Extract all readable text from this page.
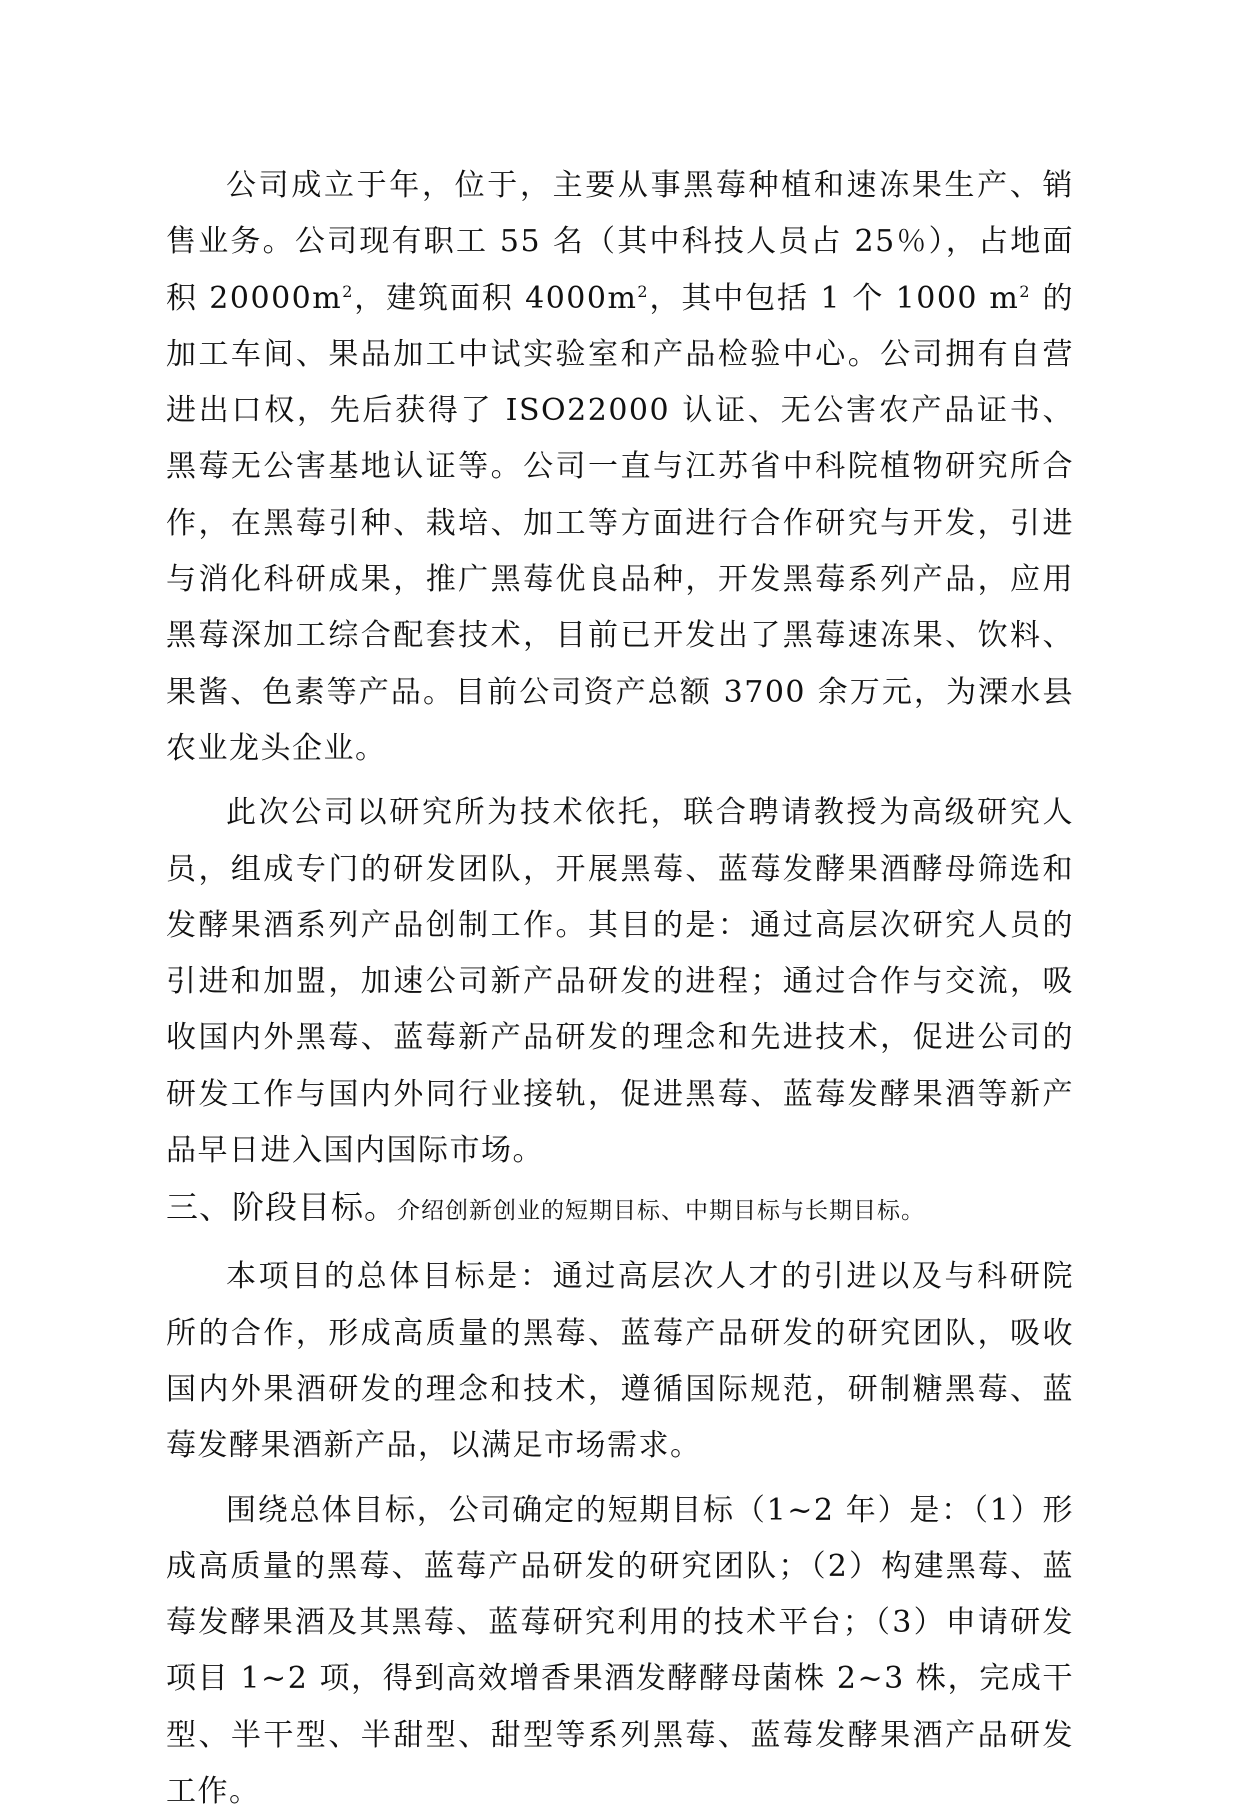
公司成立于年，位于，主要从事黑莓种植和速冻果生产、销售业务。公司现有职工 55 名（其中科技人员占 25％），占地面积 $20000m^2$，建筑面积 $4000m^2$，其中包括 1 个 1000 $m^2$ 的加工车间、果品加工中试实验室和产品检验中心。公司拥有自营进出口权，先后获得了 ISO22000 认证、无公害农产品证书、黑莓无公害基地认证等。公司一直与江苏省中科院植物研究所合作，在黑莓引种、栽培、加工等方面进行合作研究与开发，引进与消化科研成果，推广黑莓优良品种，开发黑莓系列产品，应用黑莓深加工综合配套技术，目前已开发出了黑莓速冻果、饮料、果酱、色素等产品。目前公司资产总额 3700 余万元，为溧水县农业龙头企业。

此次公司以研究所为技术依托，联合聘请教授为高级研究人员，组成专门的研发团队，开展黑莓、蓝莓发酵果酒酵母筛选和发酵果酒系列产品创制工作。其目的是：通过高层次研究人员的引进和加盟，加速公司新产品研发的进程；通过合作与交流，吸收国内外黑莓、蓝莓新产品研发的理念和先进技术，促进公司的研发工作与国内外同行业接轨，促进黑莓、蓝莓发酵果酒等新产品早日进入国内国际市场。

三、阶段目标。介绍创新创业的短期目标、中期目标与长期目标。

本项目的总体目标是：通过高层次人才的引进以及与科研院所的合作，形成高质量的黑莓、蓝莓产品研发的研究团队，吸收国内外果酒研发的理念和技术，遵循国际规范，研制糖黑莓、蓝莓发酵果酒新产品，以满足市场需求。

围绕总体目标，公司确定的短期目标（1~2 年）是：（1）形成高质量的黑莓、蓝莓产品研发的研究团队；（2）构建黑莓、蓝莓发酵果酒及其黑莓、蓝莓研究利用的技术平台；（3）申请研发项目 1~2 项，得到高效增香果酒发酵酵母菌株 2~3 株，完成干型、半干型、半甜型、甜型等系列黑莓、蓝莓发酵果酒产品研发工作。
